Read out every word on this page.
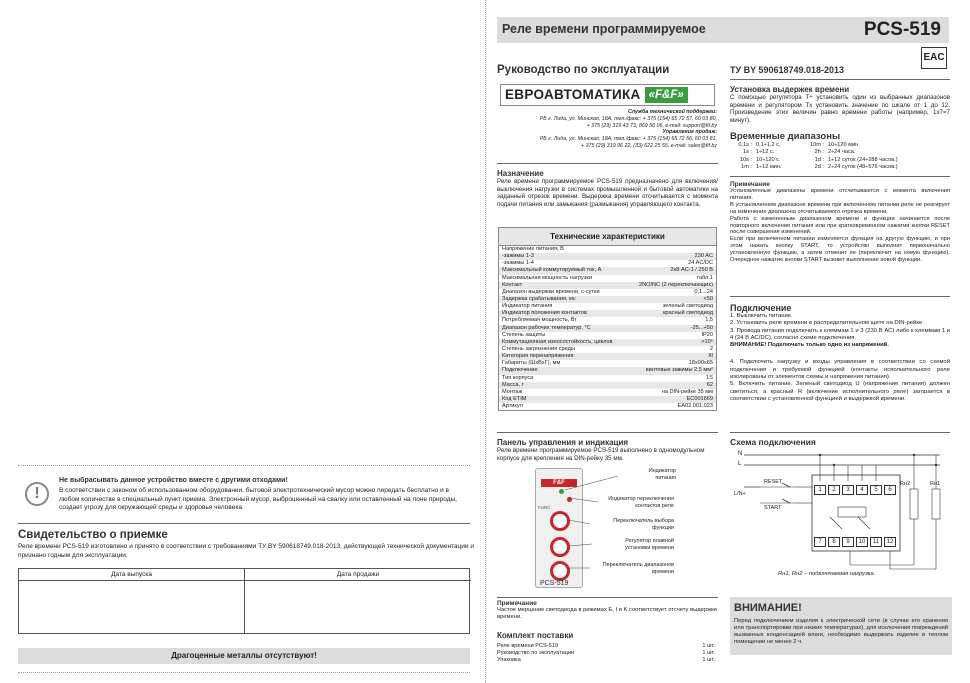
!
Не выбрасывать данное устройство вместе с другими отходами!
В соответствии с законом об использованном оборудовании, бытовой электротехнический мусор можно передать бесплатно и в любом количестве в специальный пункт приема. Электронный мусор, выброшенный на свалку или оставленный на лоне природы, создает угрозу для окружающей среды и здоровья человека.
Свидетельство о приемке
Реле времени PCS-519 изготовлено и принято в соответствии с требованиями ТУ BY 590618749.018-2013, действующей технической документации и признано годным для эксплуатации.
Дата выпуска	Дата продажи
Драгоценные металлы отсутствуют!
Реле времени программируемое	PCS-519
Руководство по эксплуатации
ЕВРОАВТОМАТИКА «F&F»
Служба технической поддержки:
РБ г. Лида, ул. Минская, 18А, тел./факс: + 375 (154) 65 72 57, 60 03 80,
+ 375 (29) 319 43 73, 869 56 06, e-mail: support@fif.by
Управление продаж:
РБ г. Лида, ул. Минская, 18А, тел./факс: + 375 (154) 65 72 56, 60 03 81,
+ 375 (29) 319 96 22, (33) 622 25 55, e-mail: sales@fif.by
Назначение
Реле времени программируемое PCS-519 предназначено для включения/выключения нагрузки в системах промышленной и бытовой автоматики на заданный отрезок времени. Выдержка времени отсчитывается с момента подачи питания или замыкания (размыкания) управляющего контакта.
Технические характеристики
Напряжение питания, В
-зажимы 1-3	230 AC
-зажимы 1-4	24 AC/DC
Максимальный коммутируемый ток, А	2х8 AC-1 / 250 В
Максимальная мощность нагрузки	табл.1
Контакт	2NO/NC (2 переключающих)
Диапазон выдержки времени, с-сутки	0,1...24
Задержка срабатывания, мс	<50
Индикатор питания	зеленый светодиод
Индикатор положения контактов	красный светодиод
Потребляемая мощность, Вт	1,5
Диапазон рабочих температур, °С	-25...+50
Степень защиты	IP20
Коммутационная износостойкость, циклов	>10⁵
Степень загрязнения среды	2
Категория перенапряжения	III
Габариты (ШхВхГ), мм	18х90х65
Подключение	винтовые зажимы 2,5 мм²
Тип корпуса	1S
Масса, г	62
Монтаж	на DIN-рейке 35 мм
Код ETIM	EC001669
Артикул	EA02.001.023
Панель управления и индикация
Реле времени программируемое PCS-519 выполнено в одномодульном корпусе для крепления на DIN-рейку 35 мм.
F&F
FUNC.
PCS-519
Индикатор питания
Индикатор переключения контактов реле
Переключатель выбора функции
Регулятор плавной установки времени
Переключатель диапазонов времени
Примечание
Частое мерцание светодиода в режимах E, I и K соответствует отсчету выдержки времени.
Комплект поставки
Реле времени PCS-519	1 шт.
Руководство по эксплуатации	1 шт.
Упаковка	1 шт.
ТУ BY 590618749.018-2013
EAC
Установка выдержек времени
С помощью регулятора T÷ установить один из выбранных диапазонов времени и регулятором Tx установить значение по шкале от 1 до 12. Произведение этих величин равно времени работы (например, 1х7=7 минут).
Временные диапазоны
0,1s : 0,1÷1,2 с.	10m : 10÷120 мин.
1s : 1÷12 с.	2h : 2÷24 часа.
10s : 10÷120 с.	1d : 1÷12 суток (24÷288 часов.)
1m : 1÷12 мин.	2d : 2÷24 суток (48÷576 часов.)
Примечание
Установленные диапазоны времени отсчитываются с момента включения питания.
В установленном диапазоне времени при включенном питании реле не реагирует на изменение диапазона отсчитываемого отрезка времени.
Работа с измененным диапазоном времени и функции начинается после повторного включения питания или при кратковременном нажатии кнопки RESET после совершения изменений.
Если при включенном питании изменяется функция на другую функцию, и при этом нажать кнопку START, то устройство выполнит первоначально установленную функцию, а затем отменит ее (переключит на новую функцию). Очередное нажатие кнопки START вызовет выполнение новой функции.
Подключение
1. Выключить питание.
2. Установить реле времени в распределительном щите на DIN-рейке.
3. Провода питания подключить к клеммам 1 и 3 (230 В АС) либо к клеммам 1 и 4 (24 В АС/DC), согласно схеме подключения.
ВНИМАНИЕ! Подключать только одно из напряжений.
4. Подключить нагрузку и входы управления в соответствии со схемой подключения и требуемой функцией (контакты исполнительного реле изолированы от элементов схемы и напряжения питания).
5. Включить питание. Зеленый светодиод U (напряжение питания) должен светиться, а красный R (включение исполнительного реле) загорается в соответствии с установленной функцией и выдержкой времени.
Схема подключения
N
L
L/N+
RESET
START
1	2	3	4	5	6
7	8	9	10	11	12
Rн2	Rн1
Rн1, Rн2 – подключаемая нагрузка.
ВНИМАНИЕ!
Перед подключением изделия к электрической сети (в случае его хранения или транспортировки при низких температурах), для исключения повреждений вызванных конденсацией влаги, необходимо выдержать изделие в теплом помещении не менее 2 ч.
